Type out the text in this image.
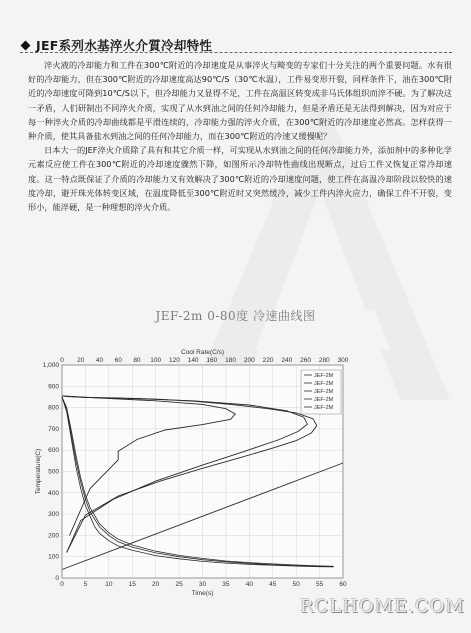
JEF系列水基淬火介質冷却特性

淬火液的冷却能力和工件在300℃附近的冷却速度是从事淬火与畸变的专家们十分关注的两个重要问题。水有很好的冷却能力，但在300℃附近的冷却速度高达90℃/S（30℃水温），工件易变形开裂，同样条件下，油在300℃附近的冷却速度可降到10℃/S以下，但冷却能力又显得不足，工件在高温区转变成非马氏体组织而淬不硬。为了解决这一矛盾，人们研制出不同淬火介质，实现了从水到油之间的任何冷却能力，但是矛盾还是无法得到解决，因为对应于每一种淬火介质的冷却曲线都是平滑连续的，冷却能力强的淬火介质，在300℃附近的冷却速度必然高。怎样获得一种介质，使其具备盐水到油之间的任何冷却能力，而在300℃附近的冷速又缓慢呢？

日本大一的JEF淬火介质除了具有和其它介质一样，可实现从水到油之间的任何冷却能力外，添加剂中的多种化学元素反应使工件在300℃附近的冷却速度骤然下降，如图所示冷却特性曲线出现断点，过后工件又恢复正常冷却速度。这一特点既保证了介质的冷却能力又有效解决了300℃附近的冷却速度问题，使工件在高温冷却阶段以较快的速度冷却，避开珠光体转变区域，在温度降低至300℃附近时又突然缓冷，减少工件内淬火应力，确保工件不开裂，变形小，能淬硬，是一种理想的淬火介质。

JEF-2m 0-80度 冷速曲线图
0	5	10 15 20 25 30 35 40 45 50 55 60
0 20 40 60 80 100 120 140 160 180 200 220 240 260 280 300
0
100
200
300
400
500
600
700
800
900
1,000
Time(s)
Cool Rate(C/s)
Temperature(C)
JEF-2M
JEF-2M
JEF-2M
JEF-2M
JEF-2M
RCLHOME.COM
